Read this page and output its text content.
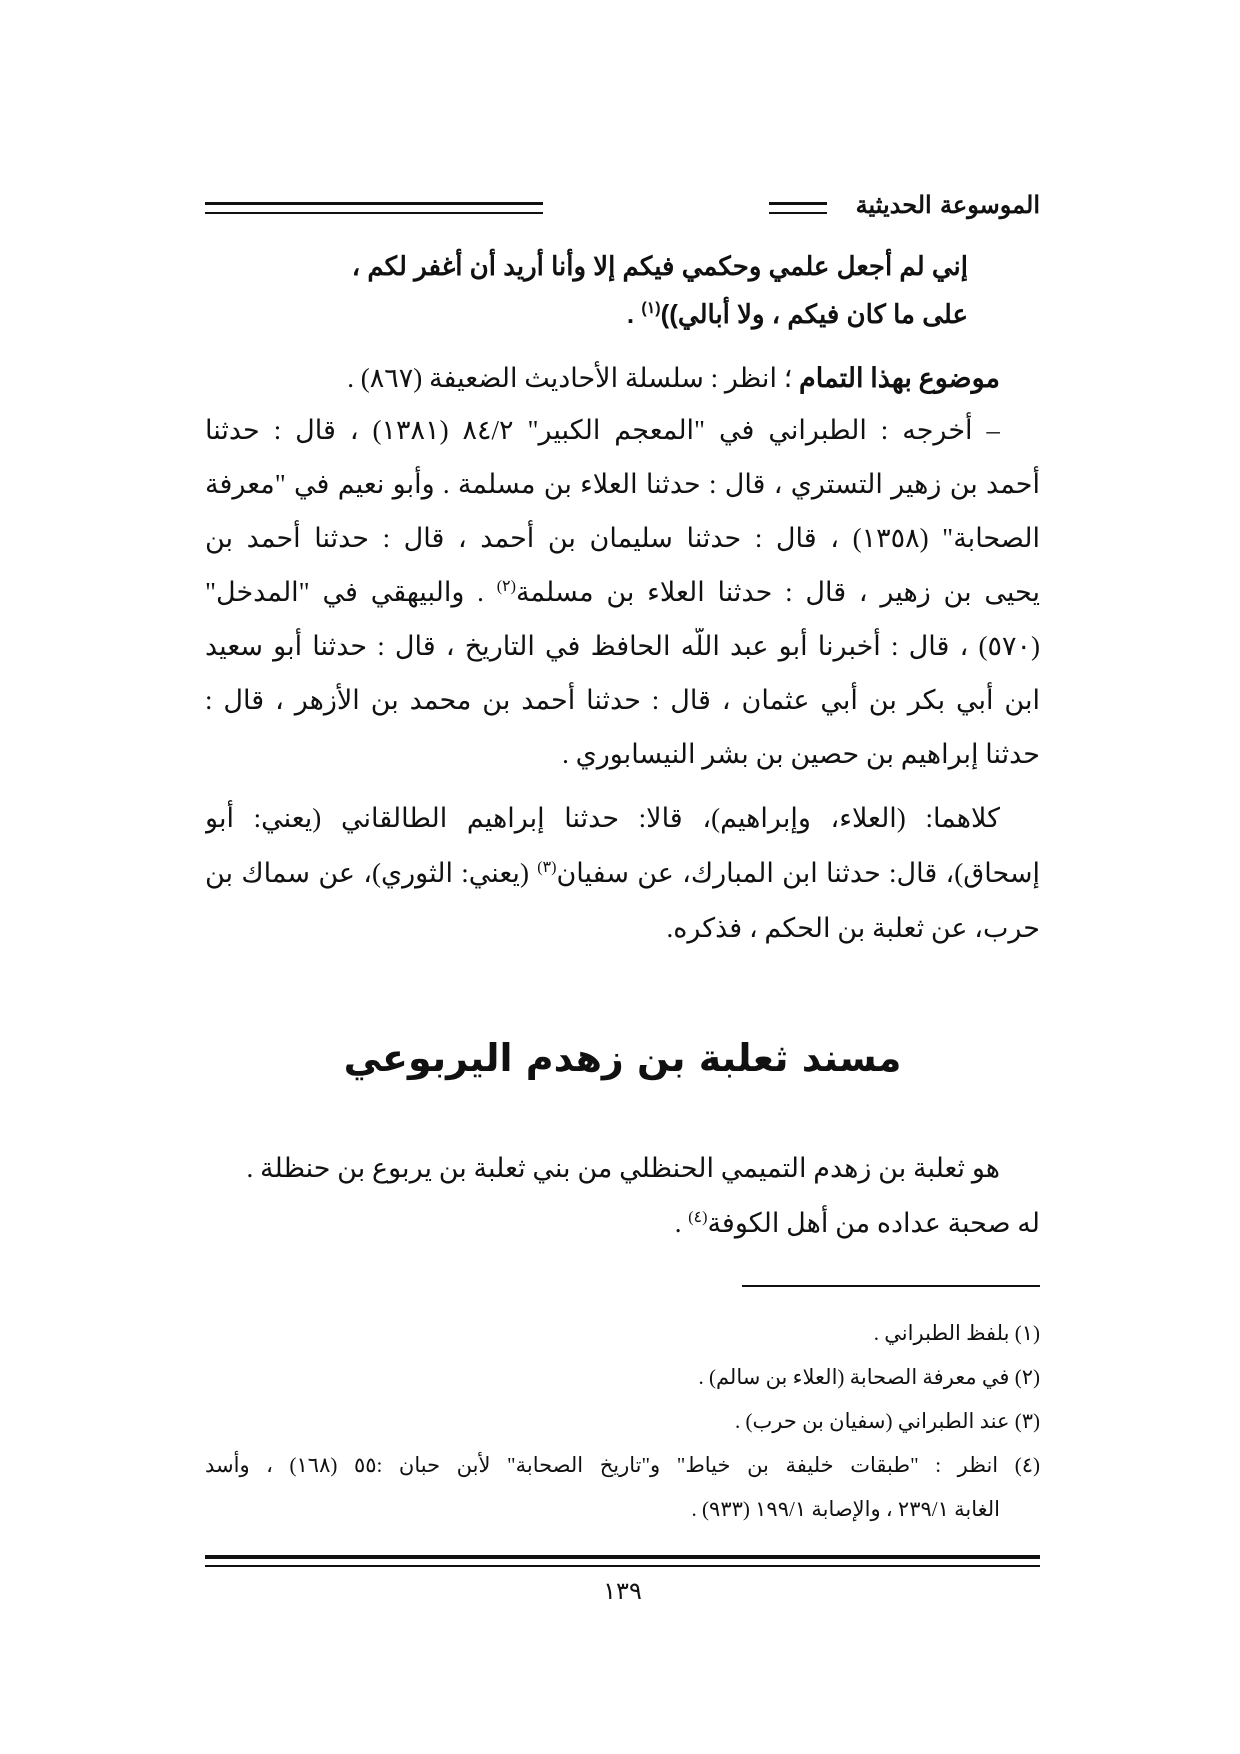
الموسوعة الحديثية
إني لم أجعل علمي وحكمي فيكم إلا وأنا أريد أن أغفر لكم ،
على ما كان فيكم ، ولا أبالي))$^{(١)}$ .
موضوع بهذا التمام ؛ انظر : سلسلة الأحاديث الضعيفة (٨٦٧) .
– أخرجه : الطبراني في "المعجم الكبير" ٨٤/٢ (١٣٨١) ، قال : حدثنا
أحمد بن زهير التستري ، قال : حدثنا العلاء بن مسلمة . وأبو نعيم في "معرفة
الصحابة" (١٣٥٨) ، قال : حدثنا سليمان بن أحمد ، قال : حدثنا أحمد بن
يحيى بن زهير ، قال : حدثنا العلاء بن مسلمة$^{(٢)}$ . والبيهقي في "المدخل"
(٥٧٠) ، قال : أخبرنا أبو عبد اللَّه الحافظ في التاريخ ، قال : حدثنا أبو سعيد
ابن أبي بكر بن أبي عثمان ، قال : حدثنا أحمد بن محمد بن الأزهر ، قال :
حدثنا إبراهيم بن حصين بن بشر النيسابوري .
كلاهما: (العلاء، وإبراهيم)، قالا: حدثنا إبراهيم الطالقاني (يعني: أبو
إسحاق)، قال: حدثنا ابن المبارك، عن سفيان$^{(٣)}$ (يعني: الثوري)، عن سماك بن
حرب، عن ثعلبة بن الحكم ، فذكره.
مسند ثعلبة بن زهدم اليربوعي
هو ثعلبة بن زهدم التميمي الحنظلي من بني ثعلبة بن يربوع بن حنظلة .
له صحبة عداده من أهل الكوفة$^{(٤)}$ .
(١) بلفظ الطبراني .
(٢) في معرفة الصحابة (العلاء بن سالم) .
(٣) عند الطبراني (سفيان بن حرب) .
(٤) انظر : "طبقات خليفة بن خياط" و"تاريخ الصحابة" لأبن حبان :٥٥ (١٦٨) ، وأسد
الغابة ٢٣٩/١ ، والإصابة ١٩٩/١ (٩٣٣) .
١٣٩
